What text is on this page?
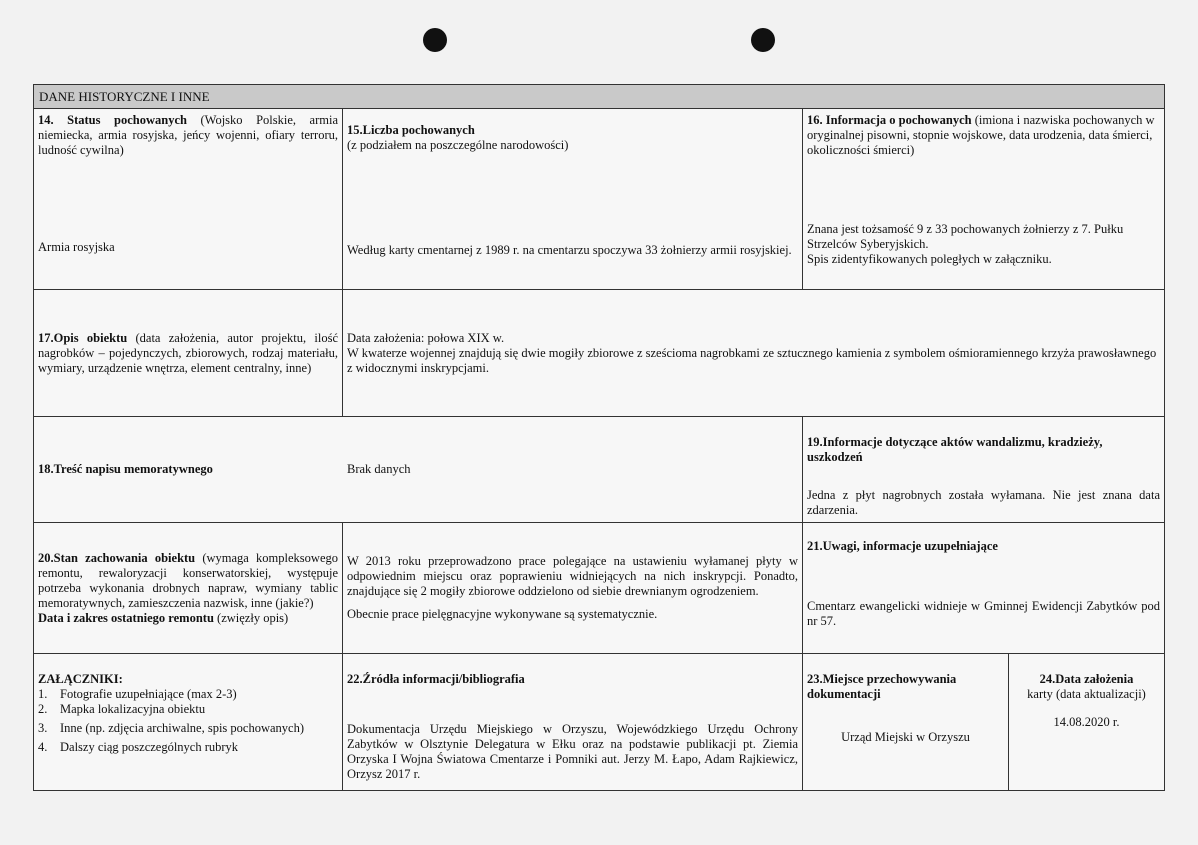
DANE HISTORYCZNE I INNE
14. Status pochowanych (Wojsko Polskie, armia niemiecka, armia rosyjska, jeńcy wojenni, ofiary terroru, ludność cywilna)
Armia rosyjska
15.Liczba pochowanych
(z podziałem na poszczególne narodowości)
Według karty cmentarnej z 1989 r. na cmentarzu spoczywa 33 żołnierzy armii rosyjskiej.
16. Informacja o pochowanych (imiona i nazwiska pochowanych w oryginalnej pisowni, stopnie wojskowe, data urodzenia, data śmierci, okoliczności śmierci)
Znana jest tożsamość 9 z 33 pochowanych żołnierzy z 7. Pułku Strzelców Syberyjskich.
Spis zidentyfikowanych poległych w załączniku.
17.Opis obiektu (data założenia, autor projektu, ilość nagrobków – pojedynczych, zbiorowych, rodzaj materiału, wymiary, urządzenie wnętrza, element centralny, inne)
Data założenia: połowa XIX w.
W kwaterze wojennej znajdują się dwie mogiły zbiorowe z sześcioma nagrobkami ze sztucznego kamienia z symbolem ośmioramiennego krzyża prawosławnego z widocznymi inskrypcjami.
18.Treść napisu memoratywnego	Brak danych
19.Informacje dotyczące aktów wandalizmu, kradzieży, uszkodzeń
Jedna z płyt nagrobnych została wyłamana. Nie jest znana data zdarzenia.
20.Stan zachowania obiektu (wymaga kompleksowego remontu, rewaloryzacji konserwatorskiej, występuje potrzeba wykonania drobnych napraw, wymiany tablic memoratywnych, zamieszczenia nazwisk, inne (jakie?)
Data i zakres ostatniego remontu (zwięzły opis)
W 2013 roku przeprowadzono prace polegające na ustawieniu wyłamanej płyty w odpowiednim miejscu oraz poprawieniu widniejących na nich inskrypcji. Ponadto, znajdujące się 2 mogiły zbiorowe oddzielono od siebie drewnianym ogrodzeniem.
Obecnie prace pielęgnacyjne wykonywane są systematycznie.
21.Uwagi, informacje uzupełniające
Cmentarz ewangelicki widnieje w Gminnej Ewidencji Zabytków pod nr 57.
ZAŁĄCZNIKI:
1.	Fotografie uzupełniające (max 2-3)
2.	Mapka lokalizacyjna obiektu
3.	Inne (np. zdjęcia archiwalne, spis pochowanych)
4.	Dalszy ciąg poszczególnych rubryk
22.Źródła informacji/bibliografia
Dokumentacja Urzędu Miejskiego w Orzyszu, Wojewódzkiego Urzędu Ochrony Zabytków w Olsztynie Delegatura w Ełku oraz na podstawie publikacji pt. Ziemia Orzyska I Wojna Światowa Cmentarze i Pomniki aut. Jerzy M. Łapo, Adam Rajkiewicz, Orzysz 2017 r.
23.Miejsce przechowywania dokumentacji
Urząd Miejski w Orzyszu
24.Data założenia
karty (data aktualizacji)
14.08.2020 r.
